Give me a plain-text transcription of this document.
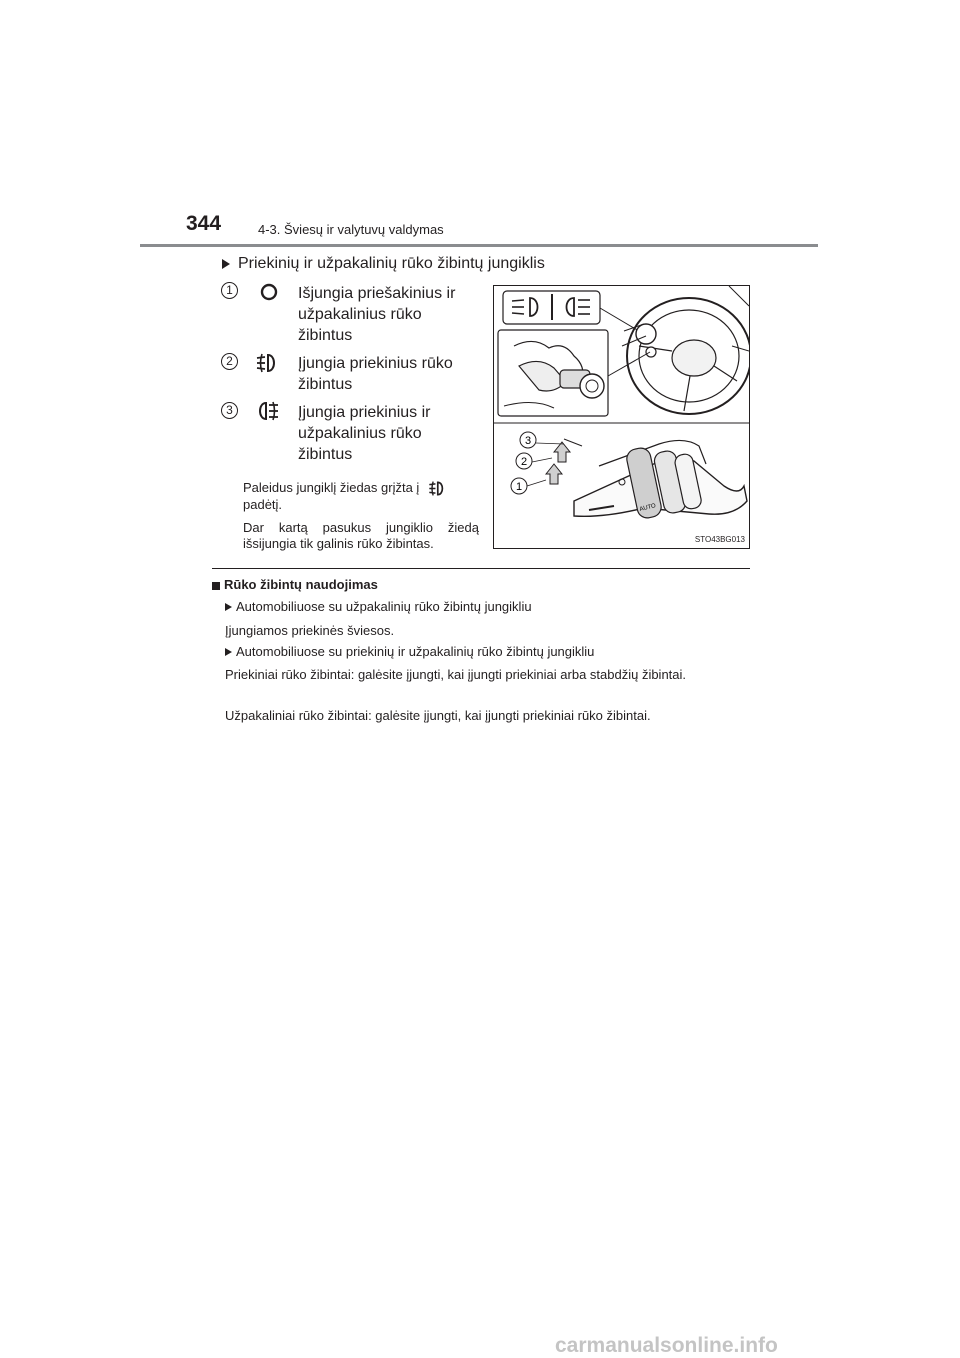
344	4-3. Šviesų ir valytuvų valdymas
Priekinių ir užpakalinių rūko žibintų jungiklis
1	Išjungia priešakinius ir užpakalinius rūko žibintus
2	Įjungia priekinius rūko žibintus
3	Įjungia priekinius ir užpakalinius rūko žibintus
Paleidus jungiklį žiedas grįžta į
padėtį.
Dar kartą pasukus jungiklio žiedą išsijungia tik galinis rūko žibintas.
AUTO
3
2
1
STO43BG013
Rūko žibintų naudojimas
Automobiliuose su užpakalinių rūko žibintų jungikliu
Įjungiamos priekinės šviesos.
Automobiliuose su priekinių ir užpakalinių rūko žibintų jungikliu
Priekiniai rūko žibintai: galėsite įjungti, kai įjungti priekiniai arba stabdžių žibintai.
Užpakaliniai rūko žibintai: galėsite įjungti, kai įjungti priekiniai rūko žibintai.
carmanualsonline.info
